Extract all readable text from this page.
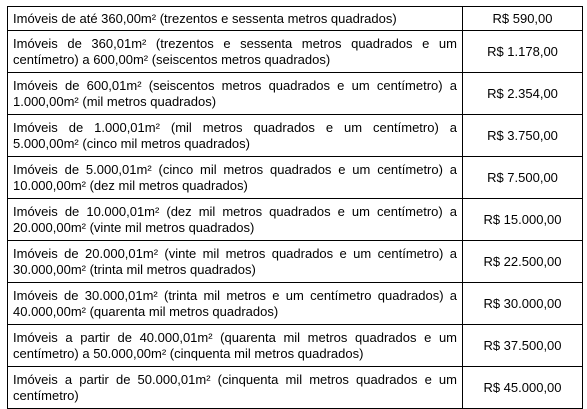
Imóveis de até 360,00m² (trezentos e sessenta metros quadrados)	R$ 590,00
Imóveis de 360,01m² (trezentos e sessenta metros quadrados e um centímetro) a 600,00m² (seiscentos metros quadrados)	R$ 1.178,00
Imóveis de 600,01m² (seiscentos metros quadrados e um centímetro) a 1.000,00m² (mil metros quadrados)	R$ 2.354,00
Imóveis de 1.000,01m² (mil metros quadrados e um centímetro) a 5.000,00m² (cinco mil metros quadrados)	R$ 3.750,00
Imóveis de 5.000,01m² (cinco mil metros quadrados e um centímetro) a 10.000,00m² (dez mil metros quadrados)	R$ 7.500,00
Imóveis de 10.000,01m² (dez mil metros quadrados e um centímetro) a 20.000,00m² (vinte mil metros quadrados)	R$ 15.000,00
Imóveis de 20.000,01m² (vinte mil metros quadrados e um centímetro) a 30.000,00m² (trinta mil metros quadrados)	R$ 22.500,00
Imóveis de 30.000,01m² (trinta mil metros e um centímetro quadrados) a 40.000,00m² (quarenta mil metros quadrados)	R$ 30.000,00
Imóveis a partir de 40.000,01m² (quarenta mil metros quadrados e um centímetro) a 50.000,00m² (cinquenta mil metros quadrados)	R$ 37.500,00
Imóveis a partir de 50.000,01m² (cinquenta mil metros quadrados e um centímetro)	R$ 45.000,00
